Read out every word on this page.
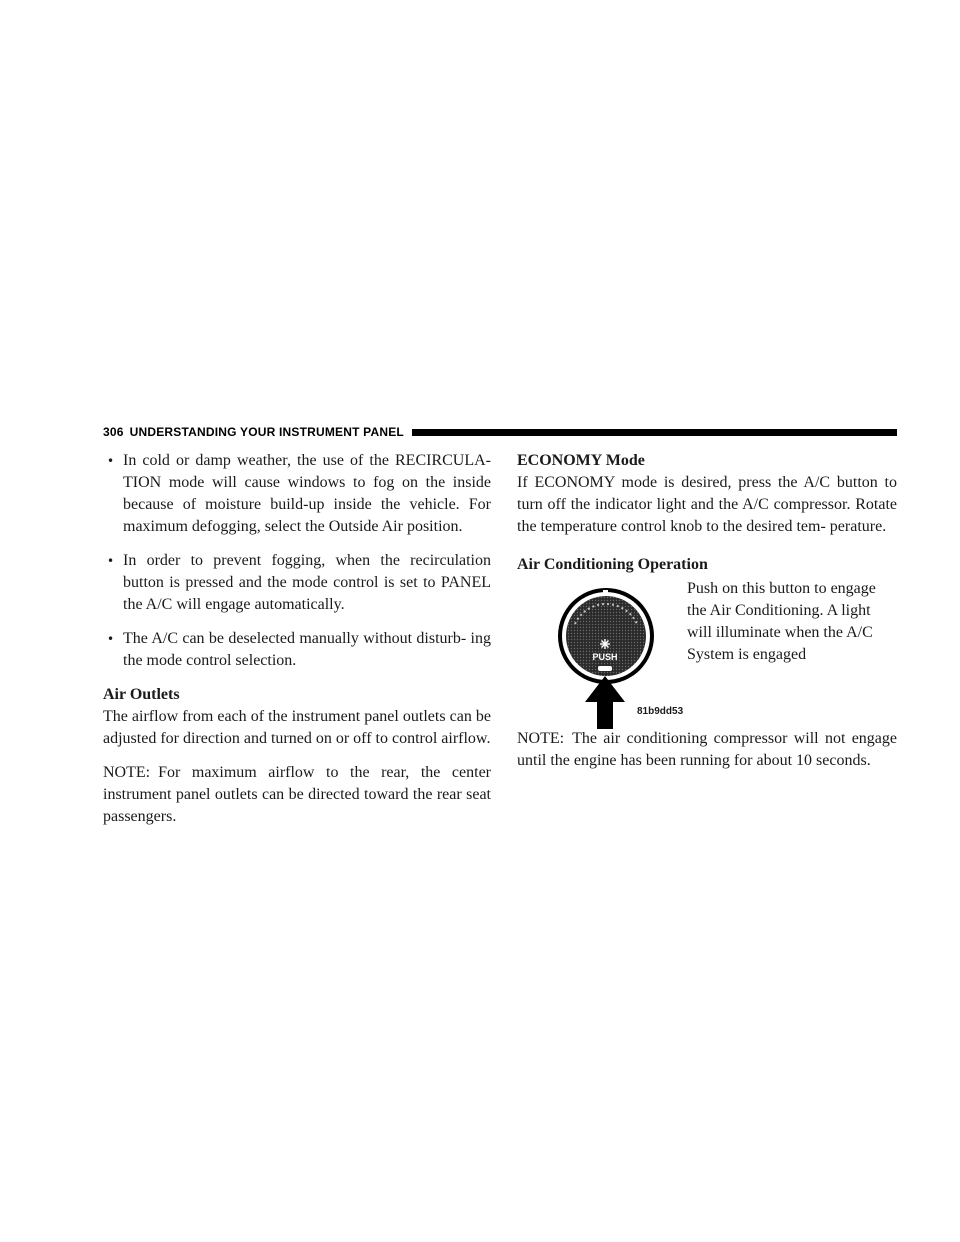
306 UNDERSTANDING YOUR INSTRUMENT PANEL
• In cold or damp weather, the use of the RECIRCULA- TION mode will cause windows to fog on the inside because of moisture build-up inside the vehicle. For maximum defogging, select the Outside Air position.
• In order to prevent fogging, when the recirculation button is pressed and the mode control is set to PANEL the A/C will engage automatically.
• The A/C can be deselected manually without disturb- ing the mode control selection.
Air Outlets

The airflow from each of the instrument panel outlets can be adjusted for direction and turned on or off to control airflow.

NOTE: For maximum airflow to the rear, the center instrument panel outlets can be directed toward the rear seat passengers.

ECONOMY Mode

If ECONOMY mode is desired, press the A/C button to turn off the indicator light and the A/C compressor. Rotate the temperature control knob to the desired tem- perature.

Air Conditioning Operation
Push on this button to engage the Air Conditioning. A light will illuminate when the A/C System is engaged
PUSH
81b9dd53

NOTE: The air conditioning compressor will not engage until the engine has been running for about 10 seconds.
